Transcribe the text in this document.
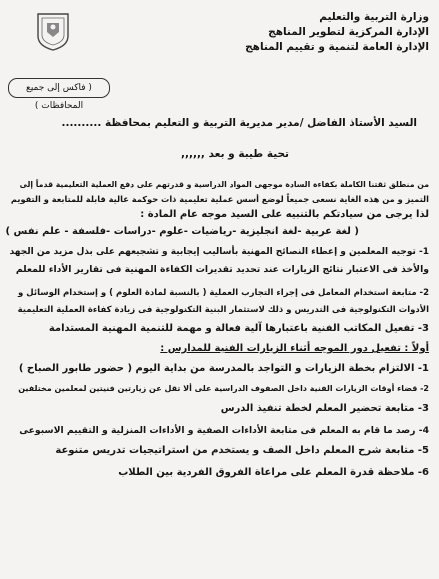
وزارة التربية والتعليم
الإدارة المركزية لتطوير المناهج
الإدارة العامة لتنمية و تقييم المناهج
( فاكس إلى جميع المحافظات )
السيد الأستاذ الفاضل /مدير مديرية التربية و التعليم بمحافظة ..........
تحية طيبة و بعد ,,,,,,
من منطلق ثقتنا الكاملة بكفاءة السادة موجهى المواد الدراسية و قدرتهم على دفع العملية التعليمية قدماً إلى
التميز و من هذه الغاية نسعى جميعاً لوضع أسس عملية تعليمية ذات حوكمة عالية قابلة للمتابعة و التقويم
لذا يرجى من سيادتكم بالتنبيه على السيد موجه عام المادة :
( لغة عربية -لغة انجليزية -رياضيات -علوم -دراسات -فلسفة - علم نفس )
1- توجيه المعلمين و إعطاء النصائح المهنية بأساليب إيجابية و تشجيعهم على بذل مزيد من الجهد
والأخذ فى الاعتبار نتائج الزيارات عند تحديد تقديرات الكفاءة المهنية فى تقارير الأداء للمعلم
2- متابعة استخدام المعامل فى إجراء التجارب العملية ( بالنسبة لمادة العلوم ) و إستخدام الوسائل و
الأدوات التكنولوجية فى التدريس و ذلك لاستثمار البنية التكنولوجية فى زيادة كفاءة العملية التعليمية
3- تفعيل المكاتب الفنية باعتبارها آلية فعالة و مهمة للتنمية المهنية المستدامة
أولاً : تفعيل دور الموجه أثناء الزيارات الفنية للمدارس :
1- الالتزام بخطة الزيارات و التواجد بالمدرسة من بداية اليوم ( حضور طابور الصباح )
2- قضاء أوقات الزيارات الفنية داخل الصفوف الدراسية على ألا تقل عن زيارتين فنيتين لمعلمين مختلفين
3- متابعة تحضير المعلم لخطة تنفيذ الدرس
4- رصد ما قام به المعلم فى متابعة الأداءات الصفية و الأداءات المنزلية و التقييم الاسبوعى
5- متابعة شرح المعلم داخل الصف و يستخدم من استراتيجيات تدريس متنوعة
6- ملاحظة قدرة المعلم على مراعاة الفروق الفردية بين الطلاب
